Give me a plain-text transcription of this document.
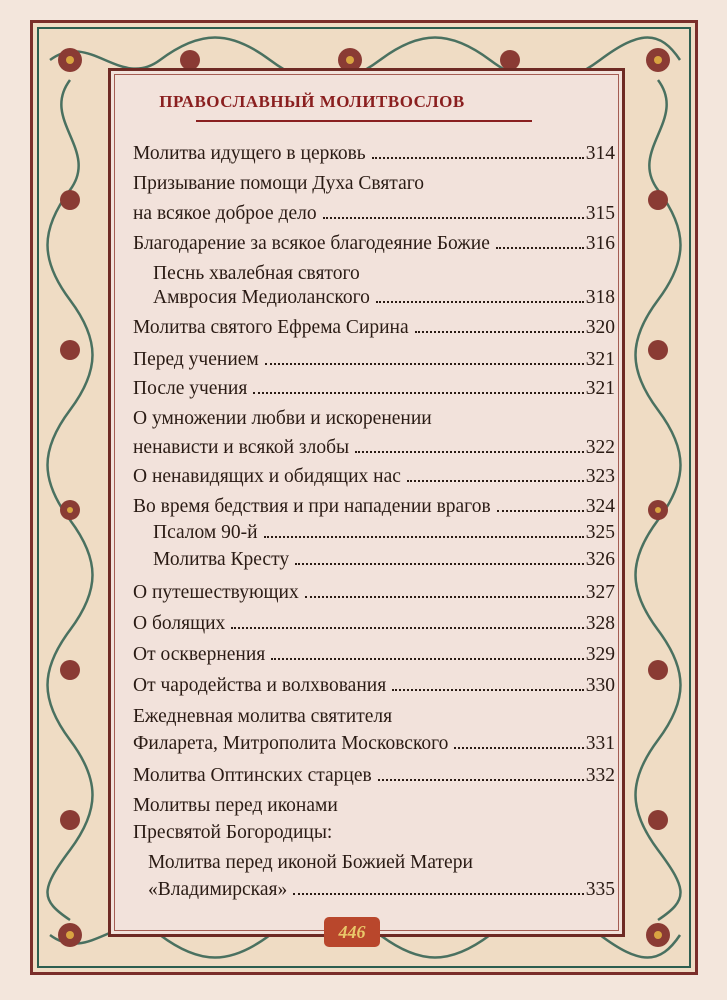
ПРАВОСЛАВНЫЙ МОЛИТВОСЛОВ
Молитва идущего в церковь	314
Призывание помощи Духа Святаго
на всякое доброе дело	315
Благодарение за всякое благодеяние Божие	316
Песнь хвалебная святого
Амвросия Медиоланского	318
Молитва святого Ефрема Сирина	320
Перед учением	321
После учения	321
О умножении любви и искоренении
ненависти и всякой злобы	322
О ненавидящих и обидящих нас	323
Во время бедствия и при нападении врагов	324
Псалом 90-й	325
Молитва Кресту	326
О путешествующих	327
О болящих	328
От осквернения	329
От чародейства и волхвования	330
Ежедневная молитва святителя
Филарета, Митрополита Московского	331
Молитва Оптинских старцев	332
Молитвы перед иконами
Пресвятой Богородицы:
Молитва перед иконой Божией Матери
«Владимирская»	335
446
